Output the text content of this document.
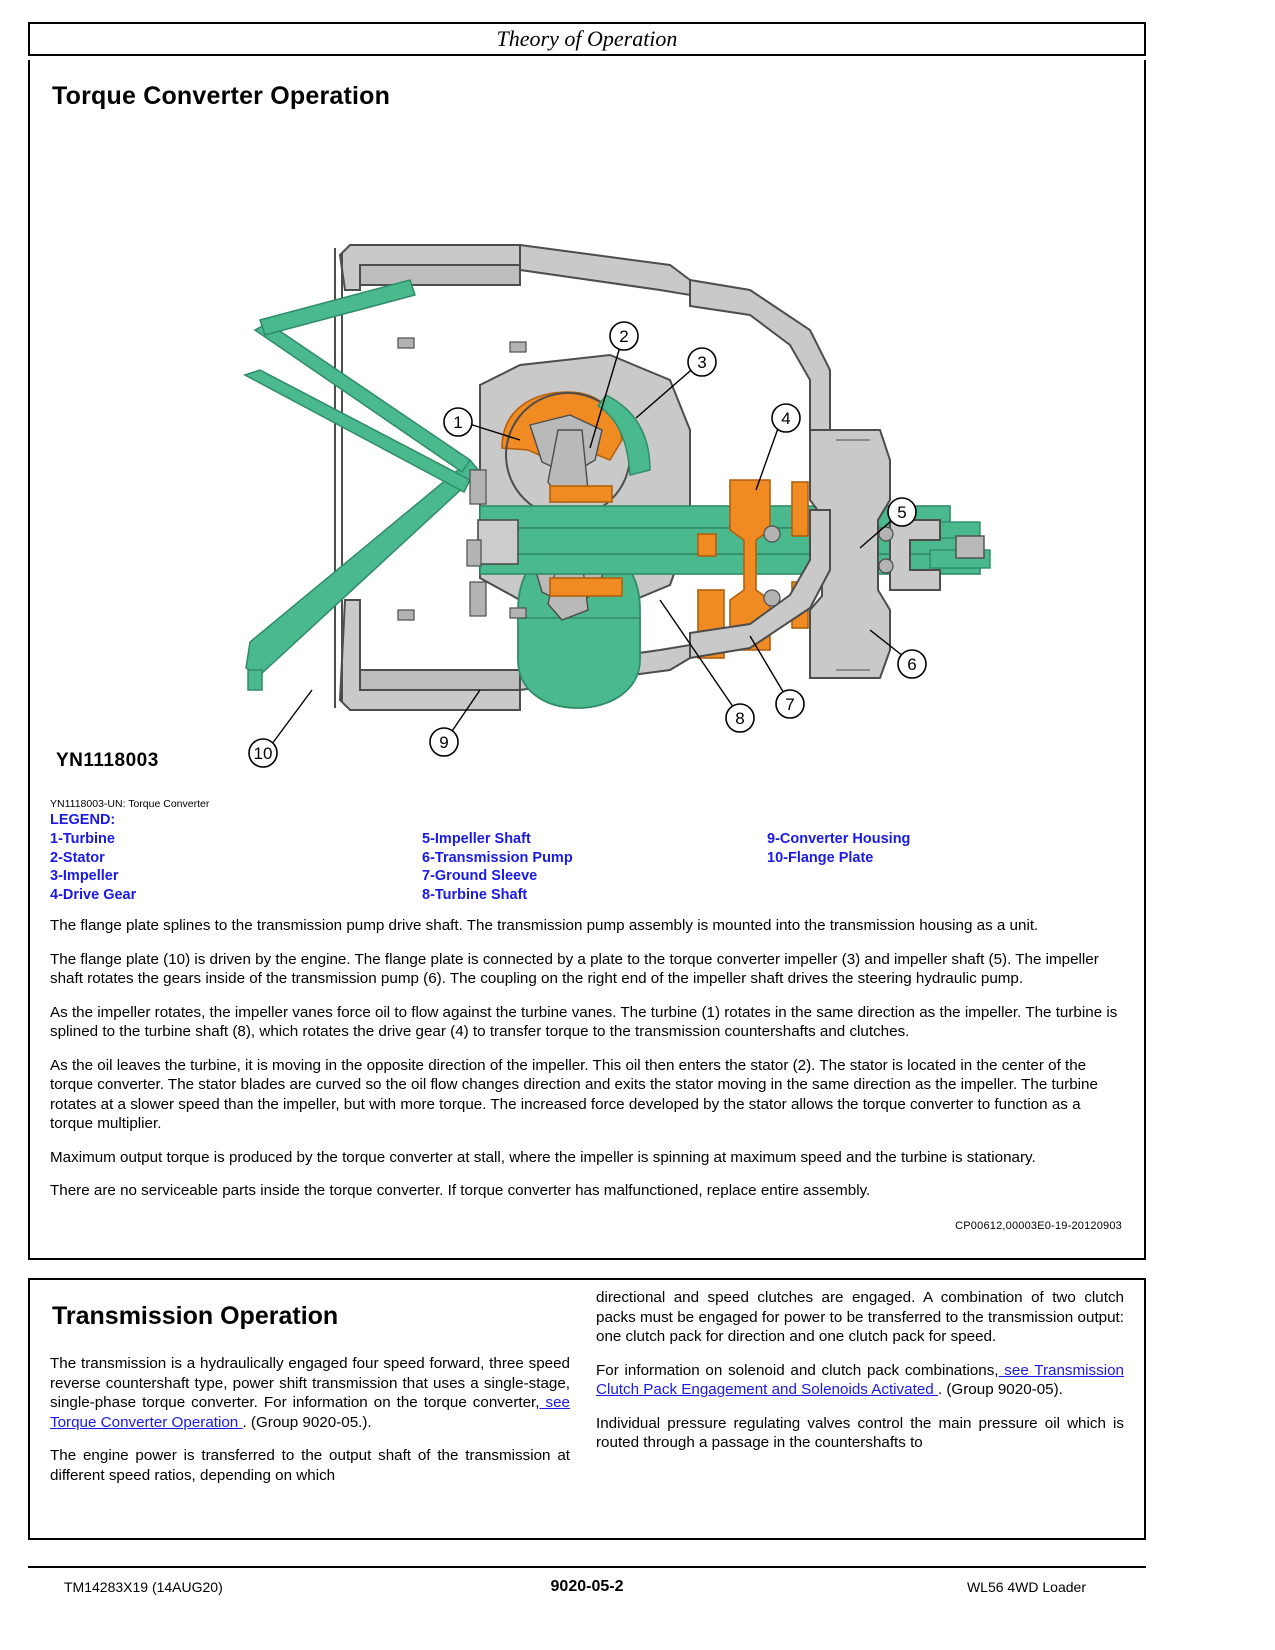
Theory of Operation
Torque Converter Operation
1
2
3
4
5
6
7
8
9
10
YN1118003
YN1118003-UN: Torque Converter
LEGEND:
1-Turbine
2-Stator
3-Impeller
4-Drive Gear
5-Impeller Shaft
6-Transmission Pump
7-Ground Sleeve
8-Turbine Shaft
9-Converter Housing
10-Flange Plate

The flange plate splines to the transmission pump drive shaft. The transmission pump assembly is mounted into the transmission housing as a unit.

The flange plate (10) is driven by the engine. The flange plate is connected by a plate to the torque converter impeller (3) and impeller shaft (5). The impeller shaft rotates the gears inside of the transmission pump (6). The coupling on the right end of the impeller shaft drives the steering hydraulic pump.

As the impeller rotates, the impeller vanes force oil to flow against the turbine vanes. The turbine (1) rotates in the same direction as the impeller. The turbine is splined to the turbine shaft (8), which rotates the drive gear (4) to transfer torque to the transmission countershafts and clutches.

As the oil leaves the turbine, it is moving in the opposite direction of the impeller. This oil then enters the stator (2). The stator is located in the center of the torque converter. The stator blades are curved so the oil flow changes direction and exits the stator moving in the same direction as the impeller. The turbine rotates at a slower speed than the impeller, but with more torque. The increased force developed by the stator allows the torque converter to function as a torque multiplier.

Maximum output torque is produced by the torque converter at stall, where the impeller is spinning at maximum speed and the turbine is stationary.

There are no serviceable parts inside the torque converter. If torque converter has malfunctioned, replace entire assembly.

CP00612,00003E0-19-20120903
Transmission Operation

The transmission is a hydraulically engaged four speed forward, three speed reverse countershaft type, power shift transmission that uses a single-stage, single-phase torque converter. For information on the torque converter, see Torque Converter Operation . (Group 9020-05.).

The engine power is transferred to the output shaft of the transmission at different speed ratios, depending on which

directional and speed clutches are engaged. A combination of two clutch packs must be engaged for power to be transferred to the transmission output: one clutch pack for direction and one clutch pack for speed.

For information on solenoid and clutch pack combinations, see Transmission Clutch Pack Engagement and Solenoids Activated . (Group 9020-05).

Individual pressure regulating valves control the main pressure oil which is routed through a passage in the countershafts to

TM14283X19 (14AUG20)	9020-05-2	WL56 4WD Loader
